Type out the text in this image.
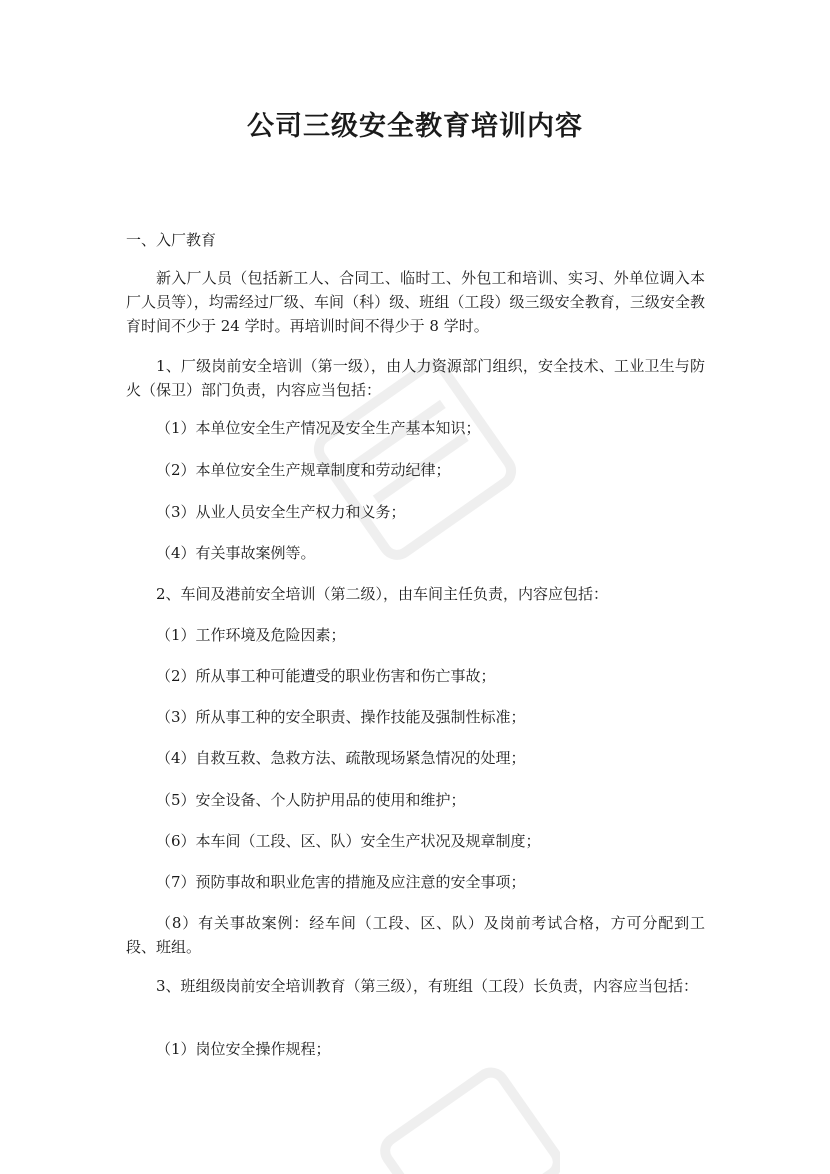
公司三级安全教育培训内容

一、入厂教育

新入厂人员（包括新工人、合同工、临时工、外包工和培训、实习、外单位调入本厂人员等），均需经过厂级、车间（科）级、班组（工段）级三级安全教育，三级安全教育时间不少于 24 学时。再培训时间不得少于 8 学时。

1、厂级岗前安全培训（第一级），由人力资源部门组织，安全技术、工业卫生与防火（保卫）部门负责，内容应当包括：

（1）本单位安全生产情况及安全生产基本知识；

（2）本单位安全生产规章制度和劳动纪律；

（3）从业人员安全生产权力和义务；

（4）有关事故案例等。

2、车间及港前安全培训（第二级），由车间主任负责，内容应包括：

（1）工作环境及危险因素；

（2）所从事工种可能遭受的职业伤害和伤亡事故；

（3）所从事工种的安全职责、操作技能及强制性标准；

（4）自救互救、急救方法、疏散现场紧急情况的处理；

（5）安全设备、个人防护用品的使用和维护；

（6）本车间（工段、区、队）安全生产状况及规章制度；

（7）预防事故和职业危害的措施及应注意的安全事项；

（8）有关事故案例：经车间（工段、区、队）及岗前考试合格，方可分配到工段、班组。

3、班组级岗前安全培训教育（第三级），有班组（工段）长负责，内容应当包括：

（1）岗位安全操作规程；
